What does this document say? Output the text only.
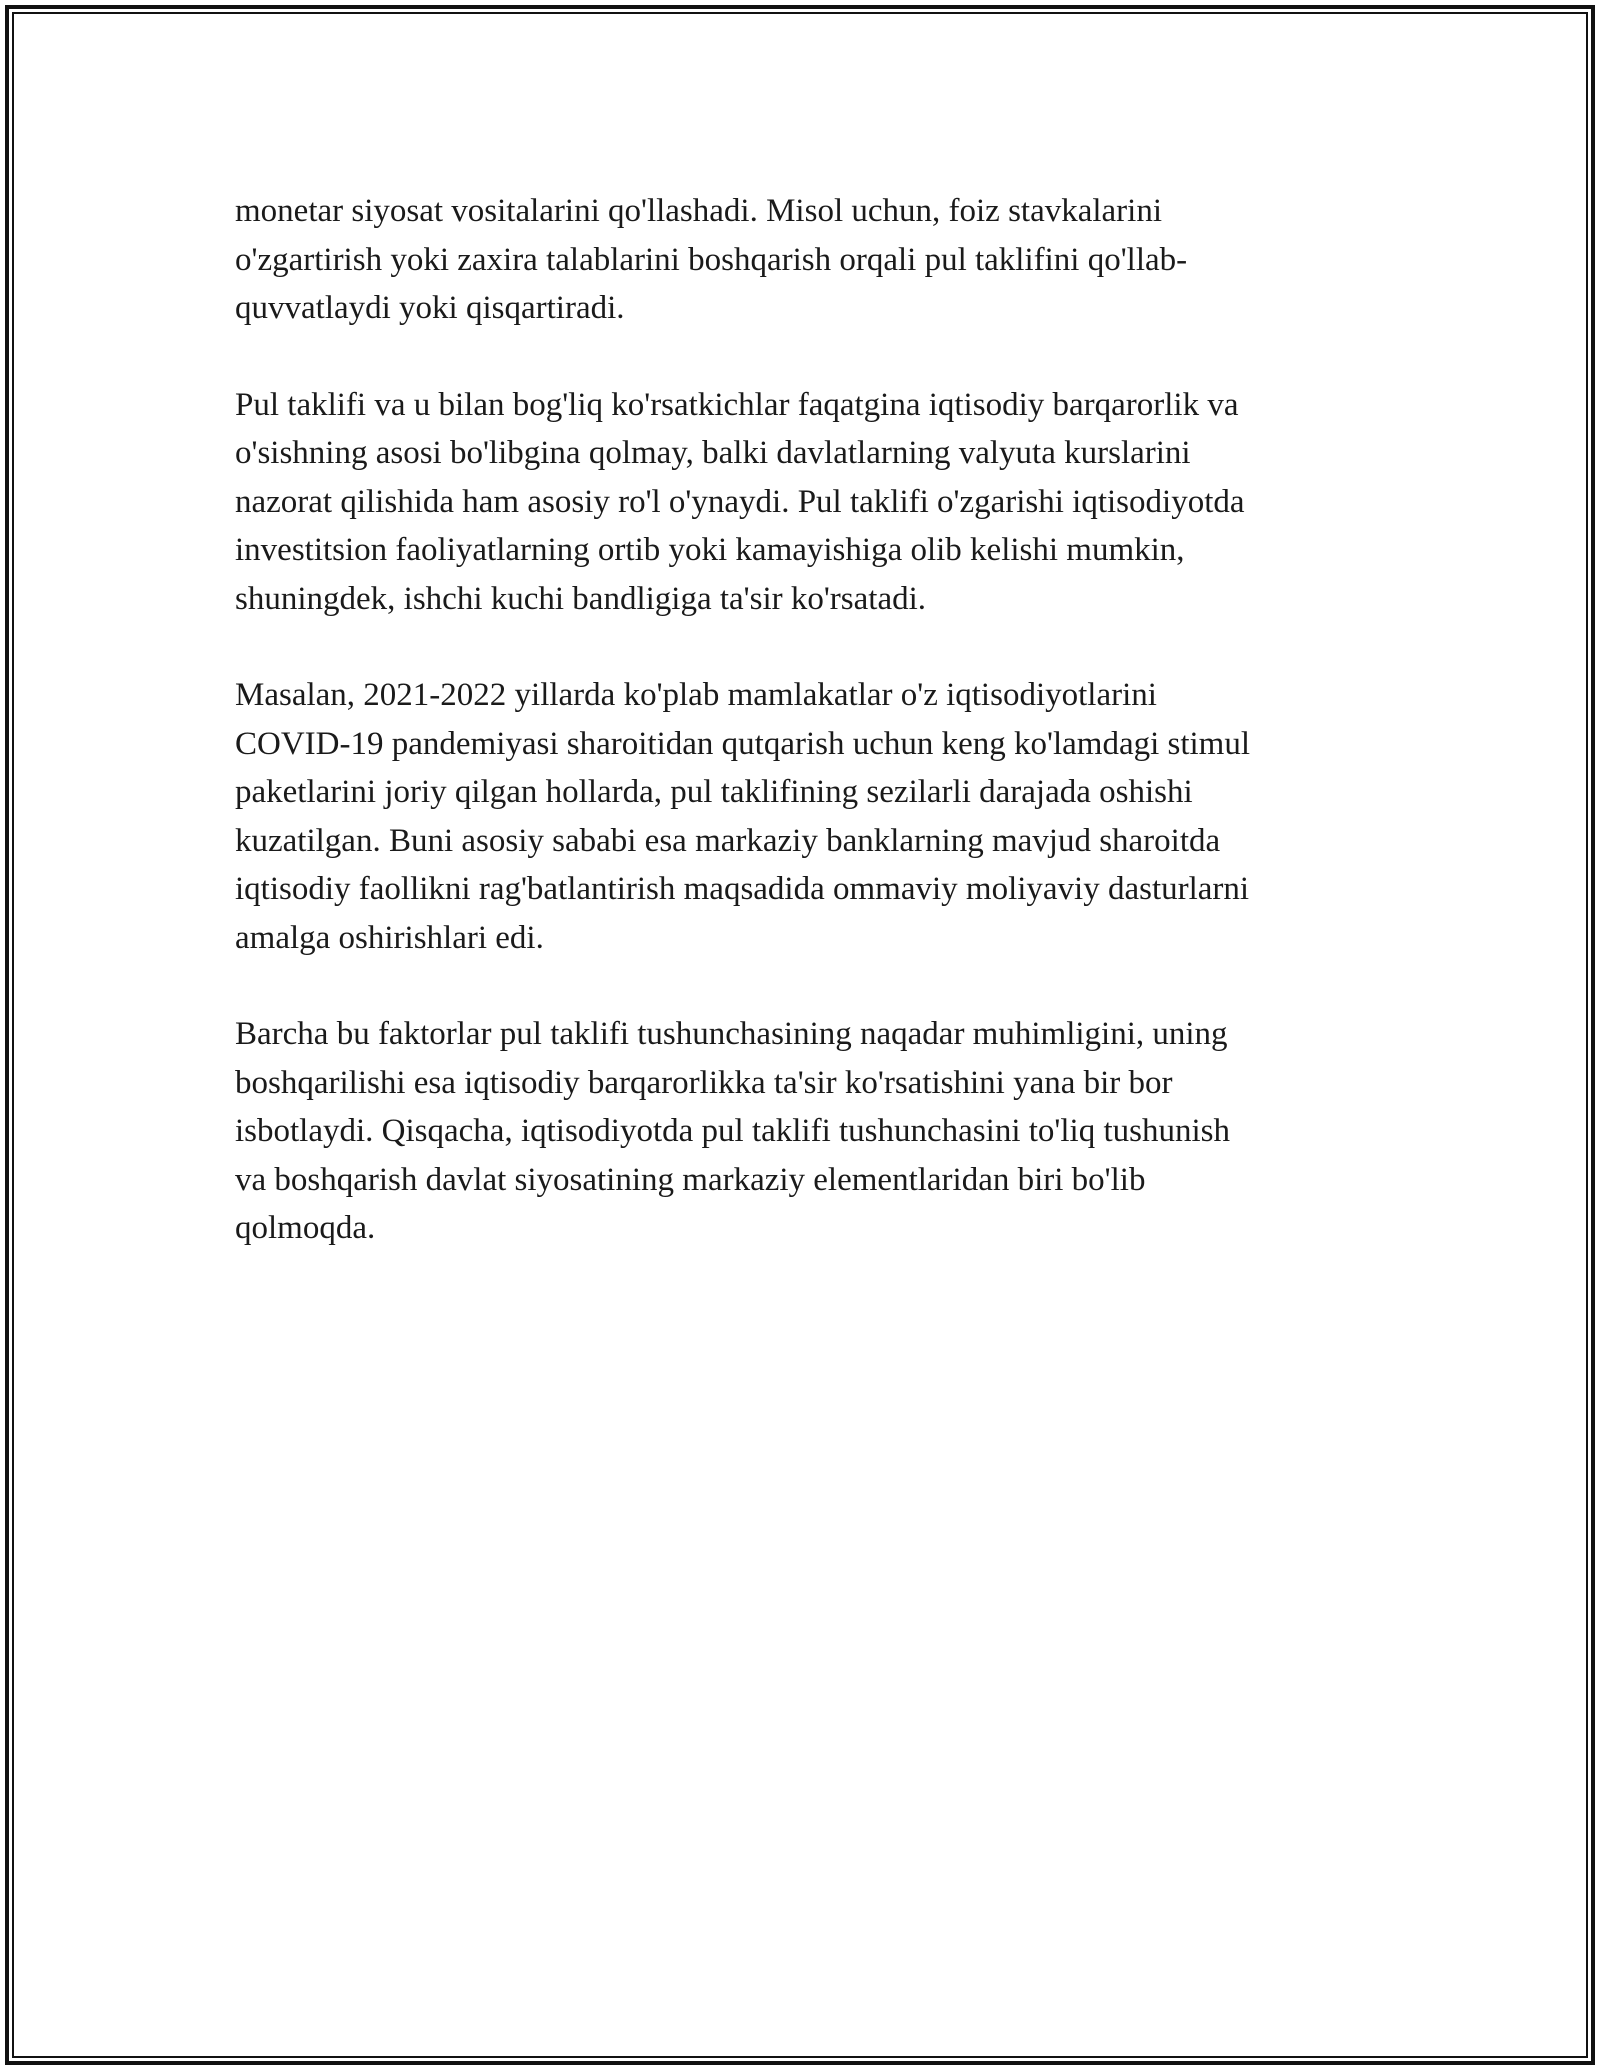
monetar siyosat vositalarini qo'llashadi. Misol uchun, foiz stavkalarini
o'zgartirish yoki zaxira talablarini boshqarish orqali pul taklifini qo'llab-
quvvatlaydi yoki qisqartiradi.

Pul taklifi va u bilan bog'liq ko'rsatkichlar faqatgina iqtisodiy barqarorlik va
o'sishning asosi bo'libgina qolmay, balki davlatlarning valyuta kurslarini
nazorat qilishida ham asosiy ro'l o'ynaydi. Pul taklifi o'zgarishi iqtisodiyotda
investitsion faoliyatlarning ortib yoki kamayishiga olib kelishi mumkin,
shuningdek, ishchi kuchi bandligiga ta'sir ko'rsatadi.

Masalan, 2021-2022 yillarda ko'plab mamlakatlar o'z iqtisodiyotlarini
COVID-19 pandemiyasi sharoitidan qutqarish uchun keng ko'lamdagi stimul
paketlarini joriy qilgan hollarda, pul taklifining sezilarli darajada oshishi
kuzatilgan. Buni asosiy sababi esa markaziy banklarning mavjud sharoitda
iqtisodiy faollikni rag'batlantirish maqsadida ommaviy moliyaviy dasturlarni
amalga oshirishlari edi.

Barcha bu faktorlar pul taklifi tushunchasining naqadar muhimligini, uning
boshqarilishi esa iqtisodiy barqarorlikka ta'sir ko'rsatishini yana bir bor
isbotlaydi. Qisqacha, iqtisodiyotda pul taklifi tushunchasini to'liq tushunish
va boshqarish davlat siyosatining markaziy elementlaridan biri bo'lib
qolmoqda.
